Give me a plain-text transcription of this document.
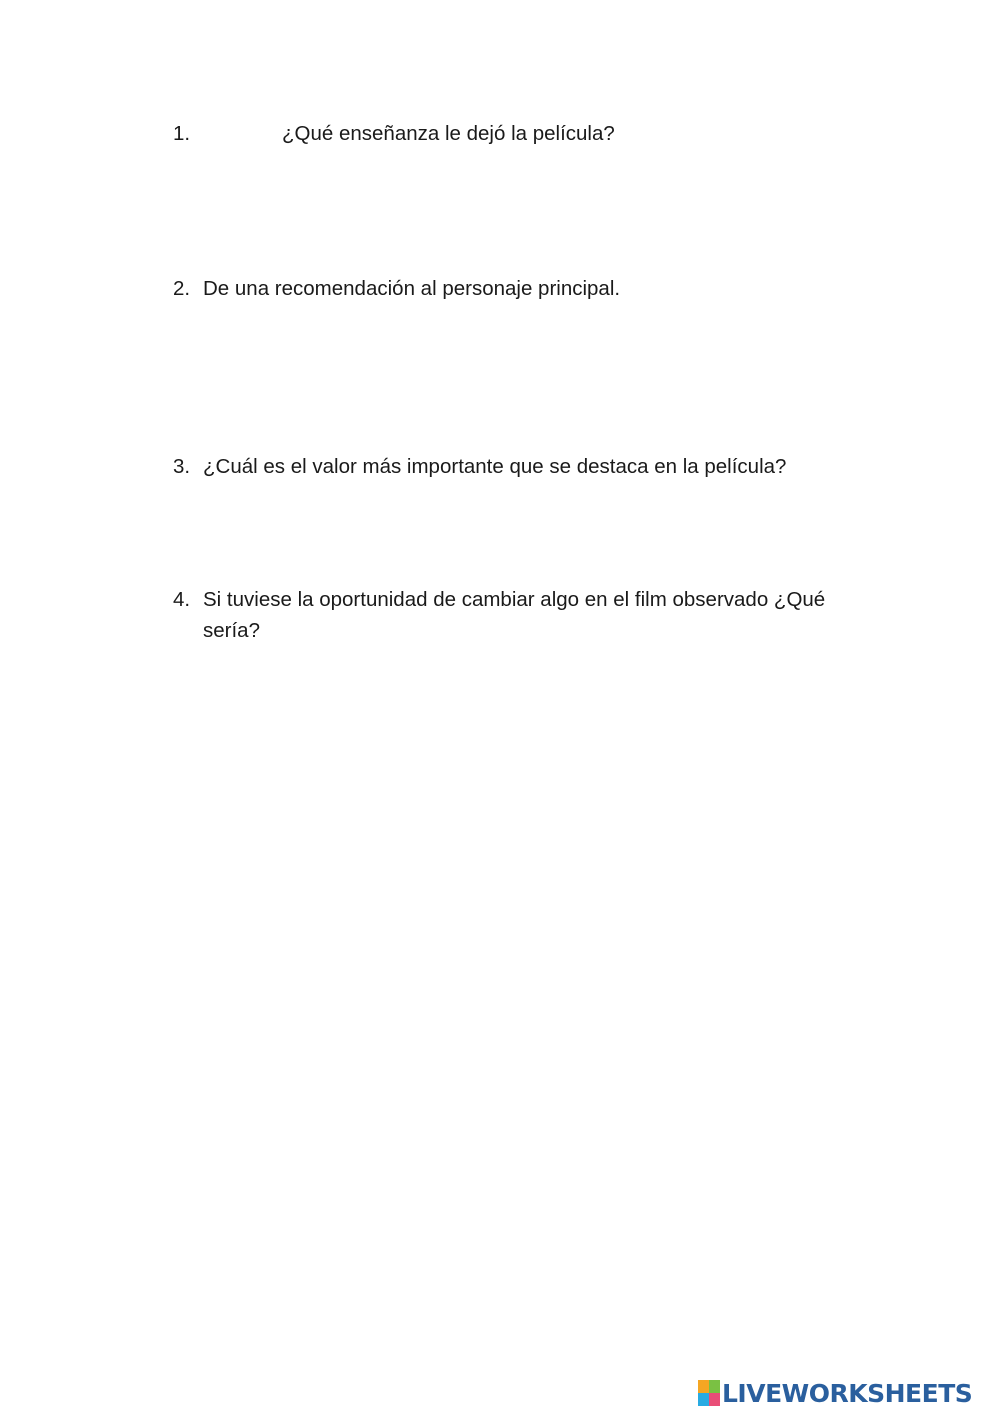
1.	¿Qué enseñanza le dejó la película?
2. De una recomendación al personaje principal.
3. ¿Cuál es el valor más importante que se destaca en la película?
4. Si tuviese la oportunidad de cambiar algo en el film observado ¿Qué sería?
LIVEWORKSHEETS
